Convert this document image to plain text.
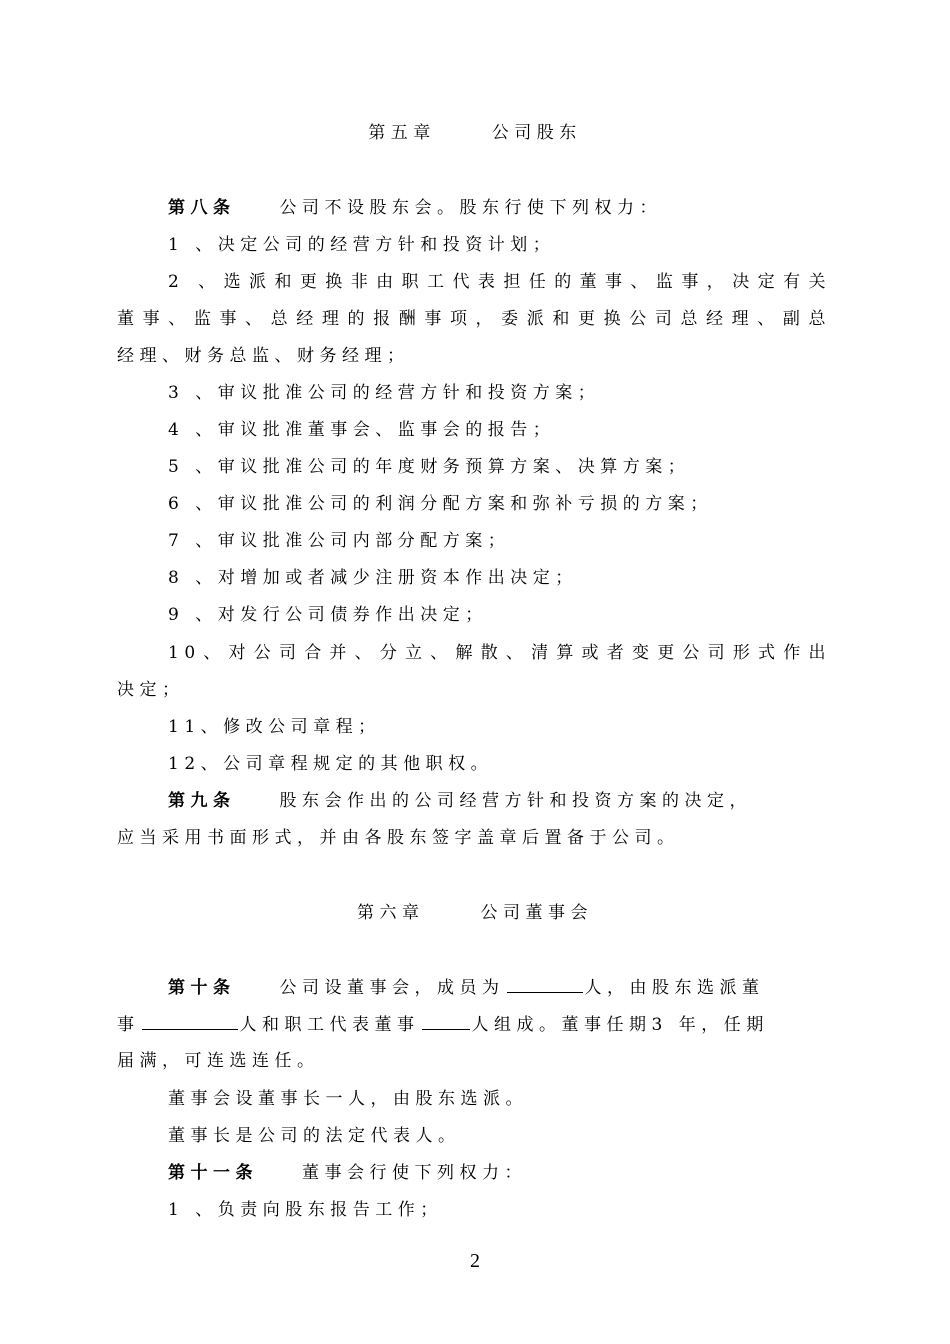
第五章	公司股东
第八条	公司不设股东会。股东行使下列权力：
1 、决定公司的经营方针和投资计划；
2 、选派和更换非由职工代表担任的董事、监事，决定有关
董事、监事、总经理的报酬事项，委派和更换公司总经理、副总
经理、财务总监、财务经理；
3 、审议批准公司的经营方针和投资方案；
4 、审议批准董事会、监事会的报告；
5 、审议批准公司的年度财务预算方案、决算方案；
6 、审议批准公司的利润分配方案和弥补亏损的方案；
7 、审议批准公司内部分配方案；
8 、对增加或者减少注册资本作出决定；
9 、对发行公司债券作出决定；
10、对公司合并、分立、解散、清算或者变更公司形式作出
决定；
11、修改公司章程；
12、公司章程规定的其他职权。
第九条	股东会作出的公司经营方针和投资方案的决定，
应当采用书面形式，并由各股东签字盖章后置备于公司。
第六章	公司董事会
第十条	公司设董事会，成员为	人，由股东选派董
事	人和职工代表董事	人组成。董事任期3 年，任期
届满，可连选连任。
董事会设董事长一人，由股东选派。
董事长是公司的法定代表人。
第十一条	董事会行使下列权力：
1 、负责向股东报告工作；
2
